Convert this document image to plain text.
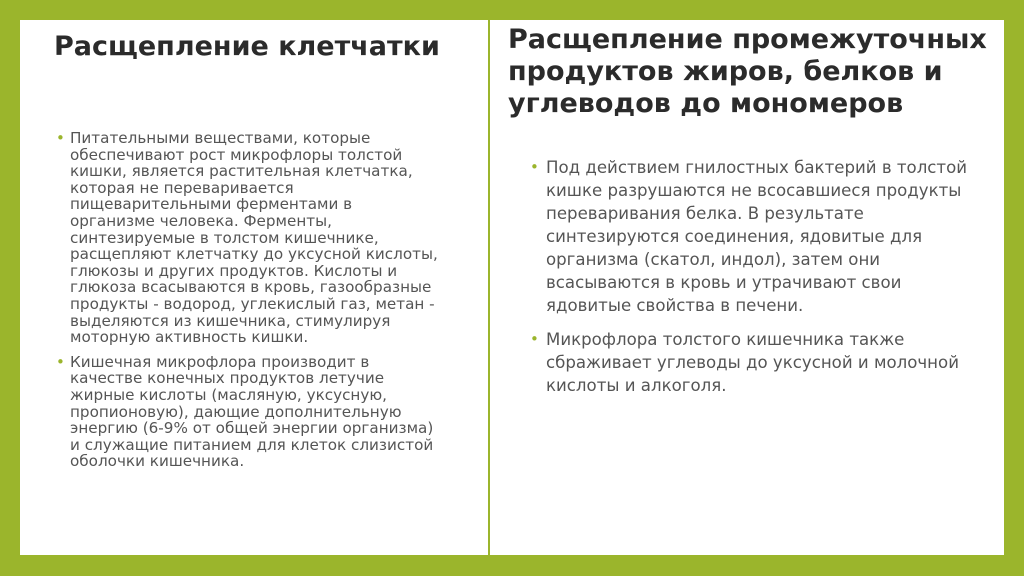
Расщепление клетчатки
• Питательными веществами, которые обеспечивают рост микрофлоры толстой кишки, является растительная клетчатка, которая не переваривается пищеварительными ферментами в организме человека. Ферменты, синтезируемые в толстом кишечнике, расщепляют клетчатку до уксусной кислоты, глюкозы и других продуктов. Кислоты и глюкоза всасываются в кровь, газообразные продукты - водород, углекислый газ, метан - выделяются из кишечника, стимулируя моторную активность кишки.
• Кишечная микрофлора производит в качестве конечных продуктов летучие жирные кислоты (масляную, уксусную, пропионовую), дающие дополнительную энергию (6-9% от общей энергии организма) и служащие питанием для клеток слизистой оболочки кишечника.
Расщепление промежуточных продуктов жиров, белков и углеводов до мономеров
• Под действием гнилостных бактерий в толстой кишке разрушаются не всосавшиеся продукты переваривания белка. В результате синтезируются соединения, ядовитые для организма (скатол, индол), затем они всасываются в кровь и утрачивают свои ядовитые свойства в печени.
• Микрофлора толстого кишечника также сбраживает углеводы до уксусной и молочной кислоты и алкоголя.
